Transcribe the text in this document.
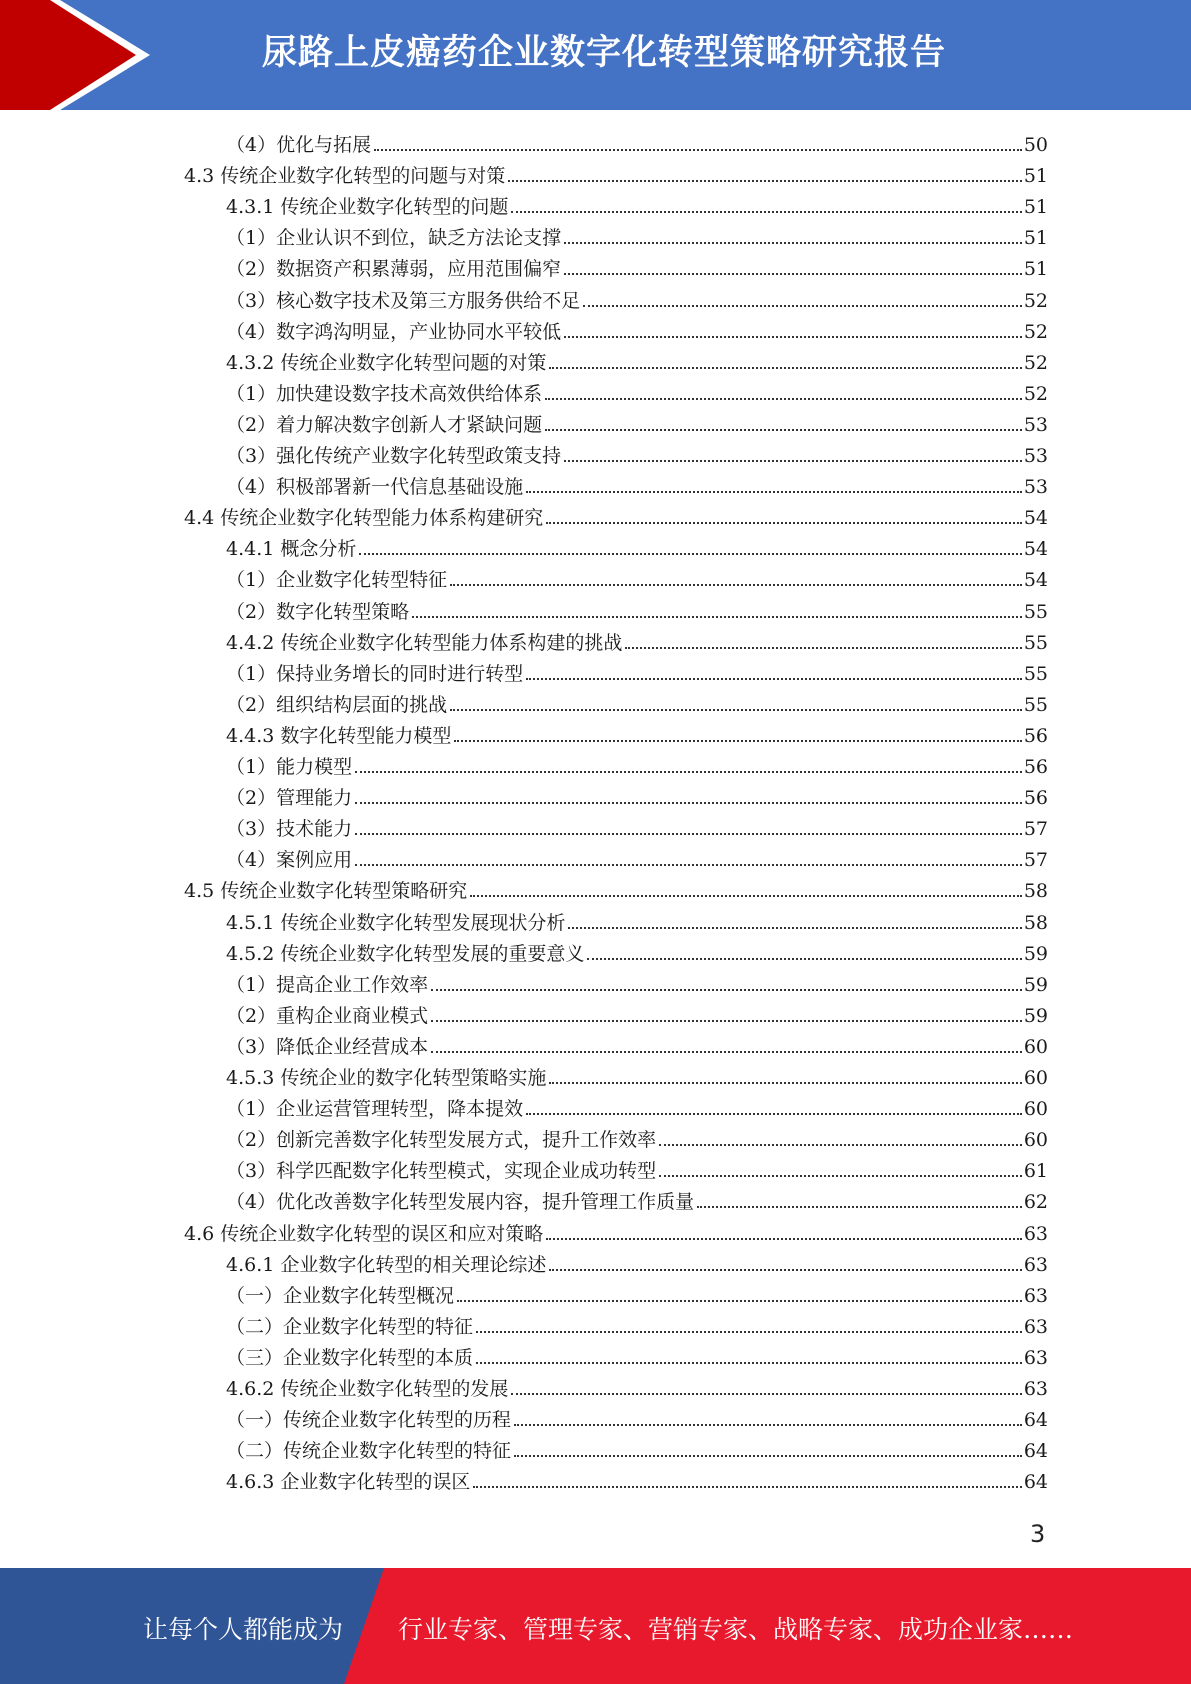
尿路上皮癌药企业数字化转型策略研究报告
（4）优化与拓展	50
4.3 传统企业数字化转型的问题与对策	51
4.3.1 传统企业数字化转型的问题	51
（1）企业认识不到位，缺乏方法论支撑	51
（2）数据资产积累薄弱，应用范围偏窄	51
（3）核心数字技术及第三方服务供给不足	52
（4）数字鸿沟明显，产业协同水平较低	52
4.3.2 传统企业数字化转型问题的对策	52
（1）加快建设数字技术高效供给体系	52
（2）着力解决数字创新人才紧缺问题	53
（3）强化传统产业数字化转型政策支持	53
（4）积极部署新一代信息基础设施	53
4.4 传统企业数字化转型能力体系构建研究	54
4.4.1 概念分析	54
（1）企业数字化转型特征	54
（2）数字化转型策略	55
4.4.2 传统企业数字化转型能力体系构建的挑战	55
（1）保持业务增长的同时进行转型	55
（2）组织结构层面的挑战	55
4.4.3 数字化转型能力模型	56
（1）能力模型	56
（2）管理能力	56
（3）技术能力	57
（4）案例应用	57
4.5 传统企业数字化转型策略研究	58
4.5.1 传统企业数字化转型发展现状分析	58
4.5.2 传统企业数字化转型发展的重要意义	59
（1）提高企业工作效率	59
（2）重构企业商业模式	59
（3）降低企业经营成本	60
4.5.3 传统企业的数字化转型策略实施	60
（1）企业运营管理转型，降本提效	60
（2）创新完善数字化转型发展方式，提升工作效率	60
（3）科学匹配数字化转型模式，实现企业成功转型	61
（4）优化改善数字化转型发展内容，提升管理工作质量	62
4.6 传统企业数字化转型的误区和应对策略	63
4.6.1 企业数字化转型的相关理论综述	63
（一）企业数字化转型概况	63
（二）企业数字化转型的特征	63
（三）企业数字化转型的本质	63
4.6.2 传统企业数字化转型的发展	63
（一）传统企业数字化转型的历程	64
（二）传统企业数字化转型的特征	64
4.6.3 企业数字化转型的误区	64
3
让每个人都能成为 行业专家、管理专家、营销专家、战略专家、成功企业家……
